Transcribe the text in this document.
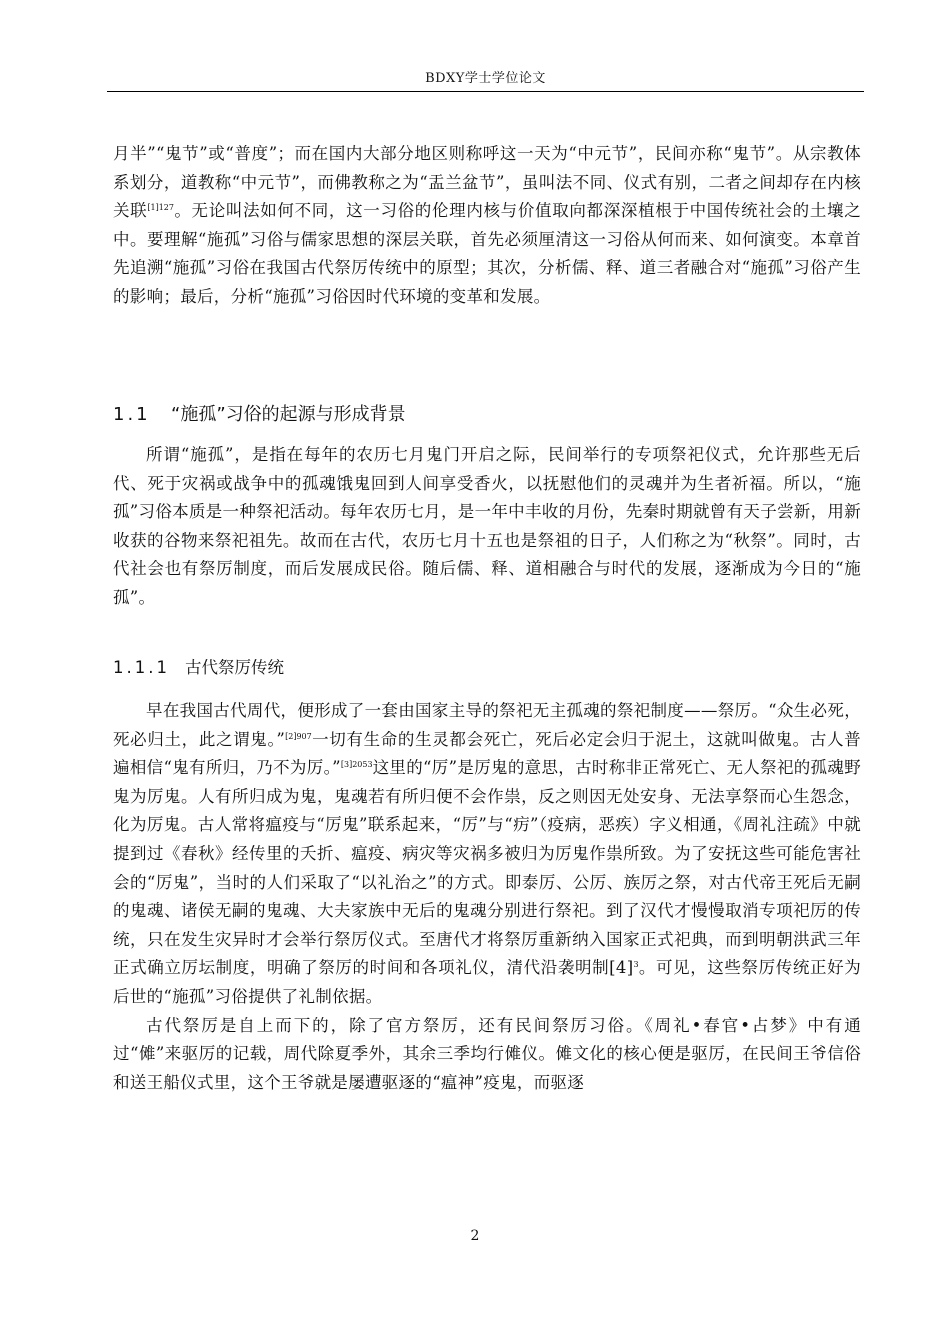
BDXY学士学位论文

月半”“鬼节”或“普度”；而在国内大部分地区则称呼这一天为“中元节”，民间亦称“鬼节”。从宗教体系划分，道教称“中元节”，而佛教称之为“盂兰盆节”，虽叫法不同、仪式有别，二者之间却存在内核关联$^{[1]127}$。无论叫法如何不同，这一习俗的伦理内核与价值取向都深深植根于中国传统社会的土壤之中。要理解“施孤”习俗与儒家思想的深层关联，首先必须厘清这一习俗从何而来、如何演变。本章首先追溯“施孤”习俗在我国古代祭厉传统中的原型；其次，分析儒、释、道三者融合对“施孤”习俗产生的影响；最后，分析“施孤”习俗因时代环境的变革和发展。

1.1 “施孤”习俗的起源与形成背景

所谓“施孤”，是指在每年的农历七月鬼门开启之际，民间举行的专项祭祀仪式，允许那些无后代、死于灾祸或战争中的孤魂饿鬼回到人间享受香火，以抚慰他们的灵魂并为生者祈福。所以，“施孤”习俗本质是一种祭祀活动。每年农历七月，是一年中丰收的月份，先秦时期就曾有天子尝新，用新收获的谷物来祭祀祖先。故而在古代，农历七月十五也是祭祖的日子，人们称之为“秋祭”。同时，古代社会也有祭厉制度，而后发展成民俗。随后儒、释、道相融合与时代的发展，逐渐成为今日的“施孤”。

1.1.1 古代祭厉传统

早在我国古代周代，便形成了一套由国家主导的祭祀无主孤魂的祭祀制度——祭厉。“众生必死，死必归土，此之谓鬼。”$^{[2]907}$一切有生命的生灵都会死亡，死后必定会归于泥土，这就叫做鬼。古人普遍相信“鬼有所归，乃不为厉。”$^{[3]2053}$这里的“厉”是厉鬼的意思，古时称非正常死亡、无人祭祀的孤魂野鬼为厉鬼。人有所归成为鬼，鬼魂若有所归便不会作祟，反之则因无处安身、无法享祭而心生怨念，化为厉鬼。古人常将瘟疫与“厉鬼”联系起来，“厉”与“疠”（疫病，恶疾）字义相通，《周礼注疏》中就提到过《春秋》经传里的夭折、瘟疫、病灾等灾祸多被归为厉鬼作祟所致。为了安抚这些可能危害社会的“厉鬼”，当时的人们采取了“以礼治之”的方式。即泰厉、公厉、族厉之祭，对古代帝王死后无嗣的鬼魂、诸侯无嗣的鬼魂、大夫家族中无后的鬼魂分别进行祭祀。到了汉代才慢慢取消专项祀厉的传统，只在发生灾异时才会举行祭厉仪式。至唐代才将祭厉重新纳入国家正式祀典，而到明朝洪武三年正式确立厉坛制度，明确了祭厉的时间和各项礼仪，清代沿袭明制$[4]^3$。可见，这些祭厉传统正好为后世的“施孤”习俗提供了礼制依据。

古代祭厉是自上而下的，除了官方祭厉，还有民间祭厉习俗。《周礼•春官•占梦》中有通过“傩”来驱厉的记载，周代除夏季外，其余三季均行傩仪。傩文化的核心便是驱厉，在民间王爷信俗和送王船仪式里，这个王爷就是屡遭驱逐的“瘟神”疫鬼，而驱逐

2
